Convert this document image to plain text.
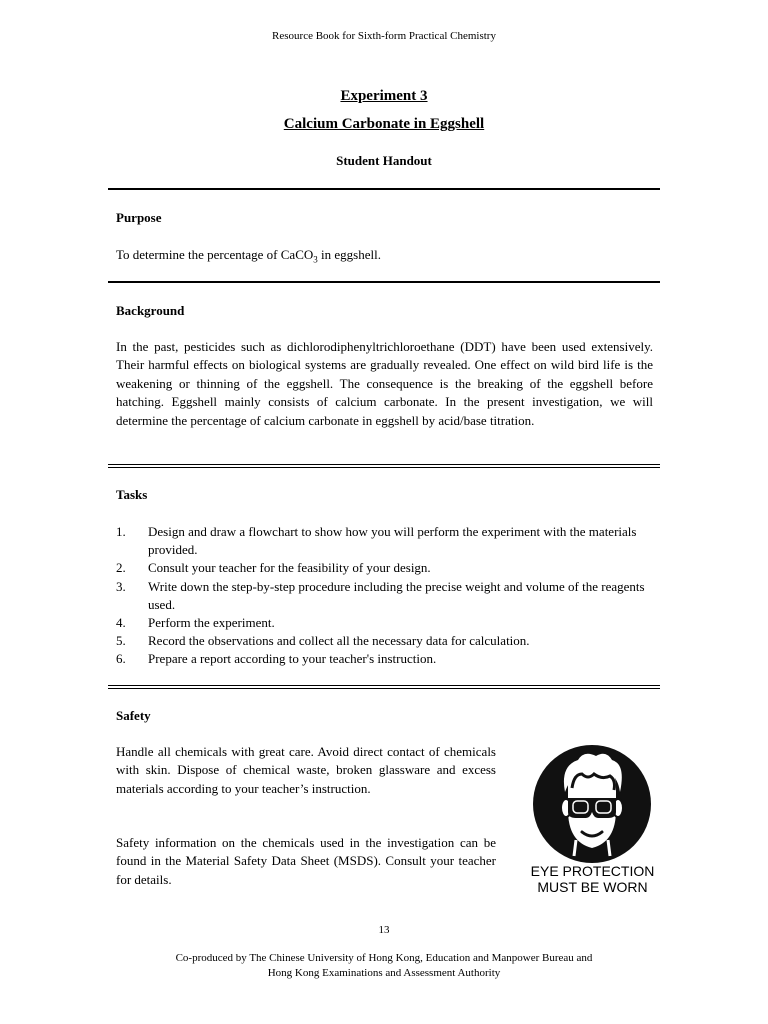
Resource Book for Sixth-form Practical Chemistry
Experiment 3
Calcium Carbonate in Eggshell
Student Handout
Purpose
To determine the percentage of CaCO$_3$ in eggshell.
Background
In the past, pesticides such as dichlorodiphenyltrichloroethane (DDT) have been used extensively. Their harmful effects on biological systems are gradually revealed. One effect on wild bird life is the weakening or thinning of the eggshell. The consequence is the breaking of the eggshell before hatching. Eggshell mainly consists of calcium carbonate. In the present investigation, we will determine the percentage of calcium carbonate in eggshell by acid/base titration.
Tasks
1. Design and draw a flowchart to show how you will perform the experiment with the materials provided.
2. Consult your teacher for the feasibility of your design.
3. Write down the step-by-step procedure including the precise weight and volume of the reagents used.
4. Perform the experiment.
5. Record the observations and collect all the necessary data for calculation.
6. Prepare a report according to your teacher's instruction.
Safety
Handle all chemicals with great care. Avoid direct contact of chemicals with skin. Dispose of chemical waste, broken glassware and excess materials according to your teacher’s instruction.
Safety information on the chemicals used in the investigation can be found in the Material Safety Data Sheet (MSDS). Consult your teacher for details.
EYE PROTECTION
MUST BE WORN
13
Co-produced by The Chinese University of Hong Kong, Education and Manpower Bureau and
Hong Kong Examinations and Assessment Authority
